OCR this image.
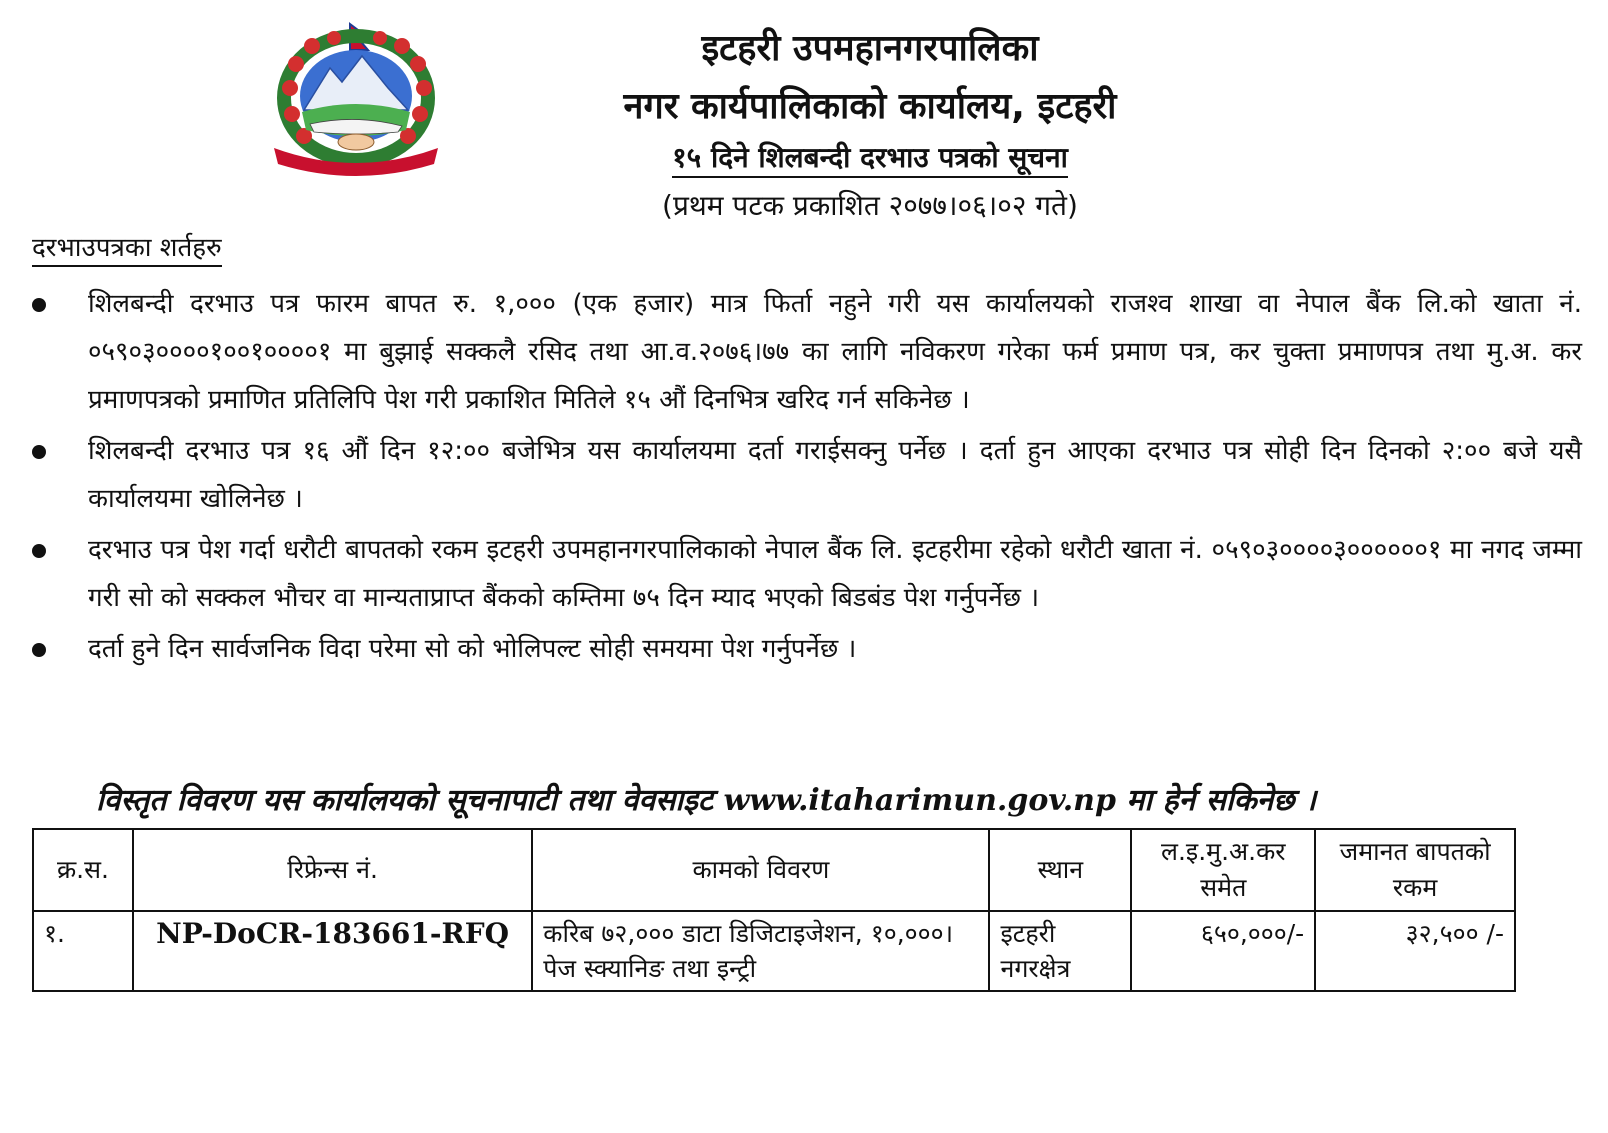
इटहरी उपमहानगरपालिका
नगर कार्यपालिकाको कार्यालय, इटहरी
१५ दिने शिलबन्दी दरभाउ पत्रको सूचना
(प्रथम पटक प्रकाशित २०७७।०६।०२ गते)
दरभाउपत्रका शर्तहरु
शिलबन्दी दरभाउ पत्र फारम बापत रु. १,००० (एक हजार) मात्र फिर्ता नहुने गरी यस कार्यालयको राजश्व शाखा वा नेपाल बैंक लि.को खाता नं. ०५९०३००००१००१००००१ मा बुझाई सक्कलै रसिद तथा आ.व.२०७६।७७ का लागि नविकरण गरेका फर्म प्रमाण पत्र, कर चुक्ता प्रमाणपत्र तथा मु.अ. कर प्रमाणपत्रको प्रमाणित प्रतिलिपि पेश गरी प्रकाशित मितिले १५ औं दिनभित्र खरिद गर्न सकिनेछ ।
शिलबन्दी दरभाउ पत्र १६ औं दिन १२:०० बजेभित्र यस कार्यालयमा दर्ता गराईसक्नु पर्नेछ । दर्ता हुन आएका दरभाउ पत्र सोही दिन दिनको २:०० बजे यसै कार्यालयमा खोलिनेछ ।
दरभाउ पत्र पेश गर्दा धरौटी बापतको रकम इटहरी उपमहानगरपालिकाको नेपाल बैंक लि. इटहरीमा रहेको धरौटी खाता नं. ०५९०३००००३००००००१ मा नगद जम्मा गरी सो को सक्कल भौचर वा मान्यताप्राप्त बैंकको कम्तिमा ७५ दिन म्याद भएको बिडबंड पेश गर्नुपर्नेछ ।
दर्ता हुने दिन सार्वजनिक विदा परेमा सो को भोलिपल्ट सोही समयमा पेश गर्नुपर्नेछ ।
विस्तृत विवरण यस कार्यालयको सूचनापाटी तथा वेवसाइट www.itaharimun.gov.np मा हेर्न सकिनेछ ।
क्र.स.	रिफ्रेन्स नं.	कामको विवरण	स्थान	ल.इ.मु.अ.कर समेत	जमानत बापतको रकम
१.	NP-DoCR-183661-RFQ	करिब ७२,००० डाटा डिजिटाइजेशन, १०,०००। पेज स्क्यानिङ तथा इन्ट्री	इटहरी नगरक्षेत्र	६५०,०००/-	३२,५०० /-
